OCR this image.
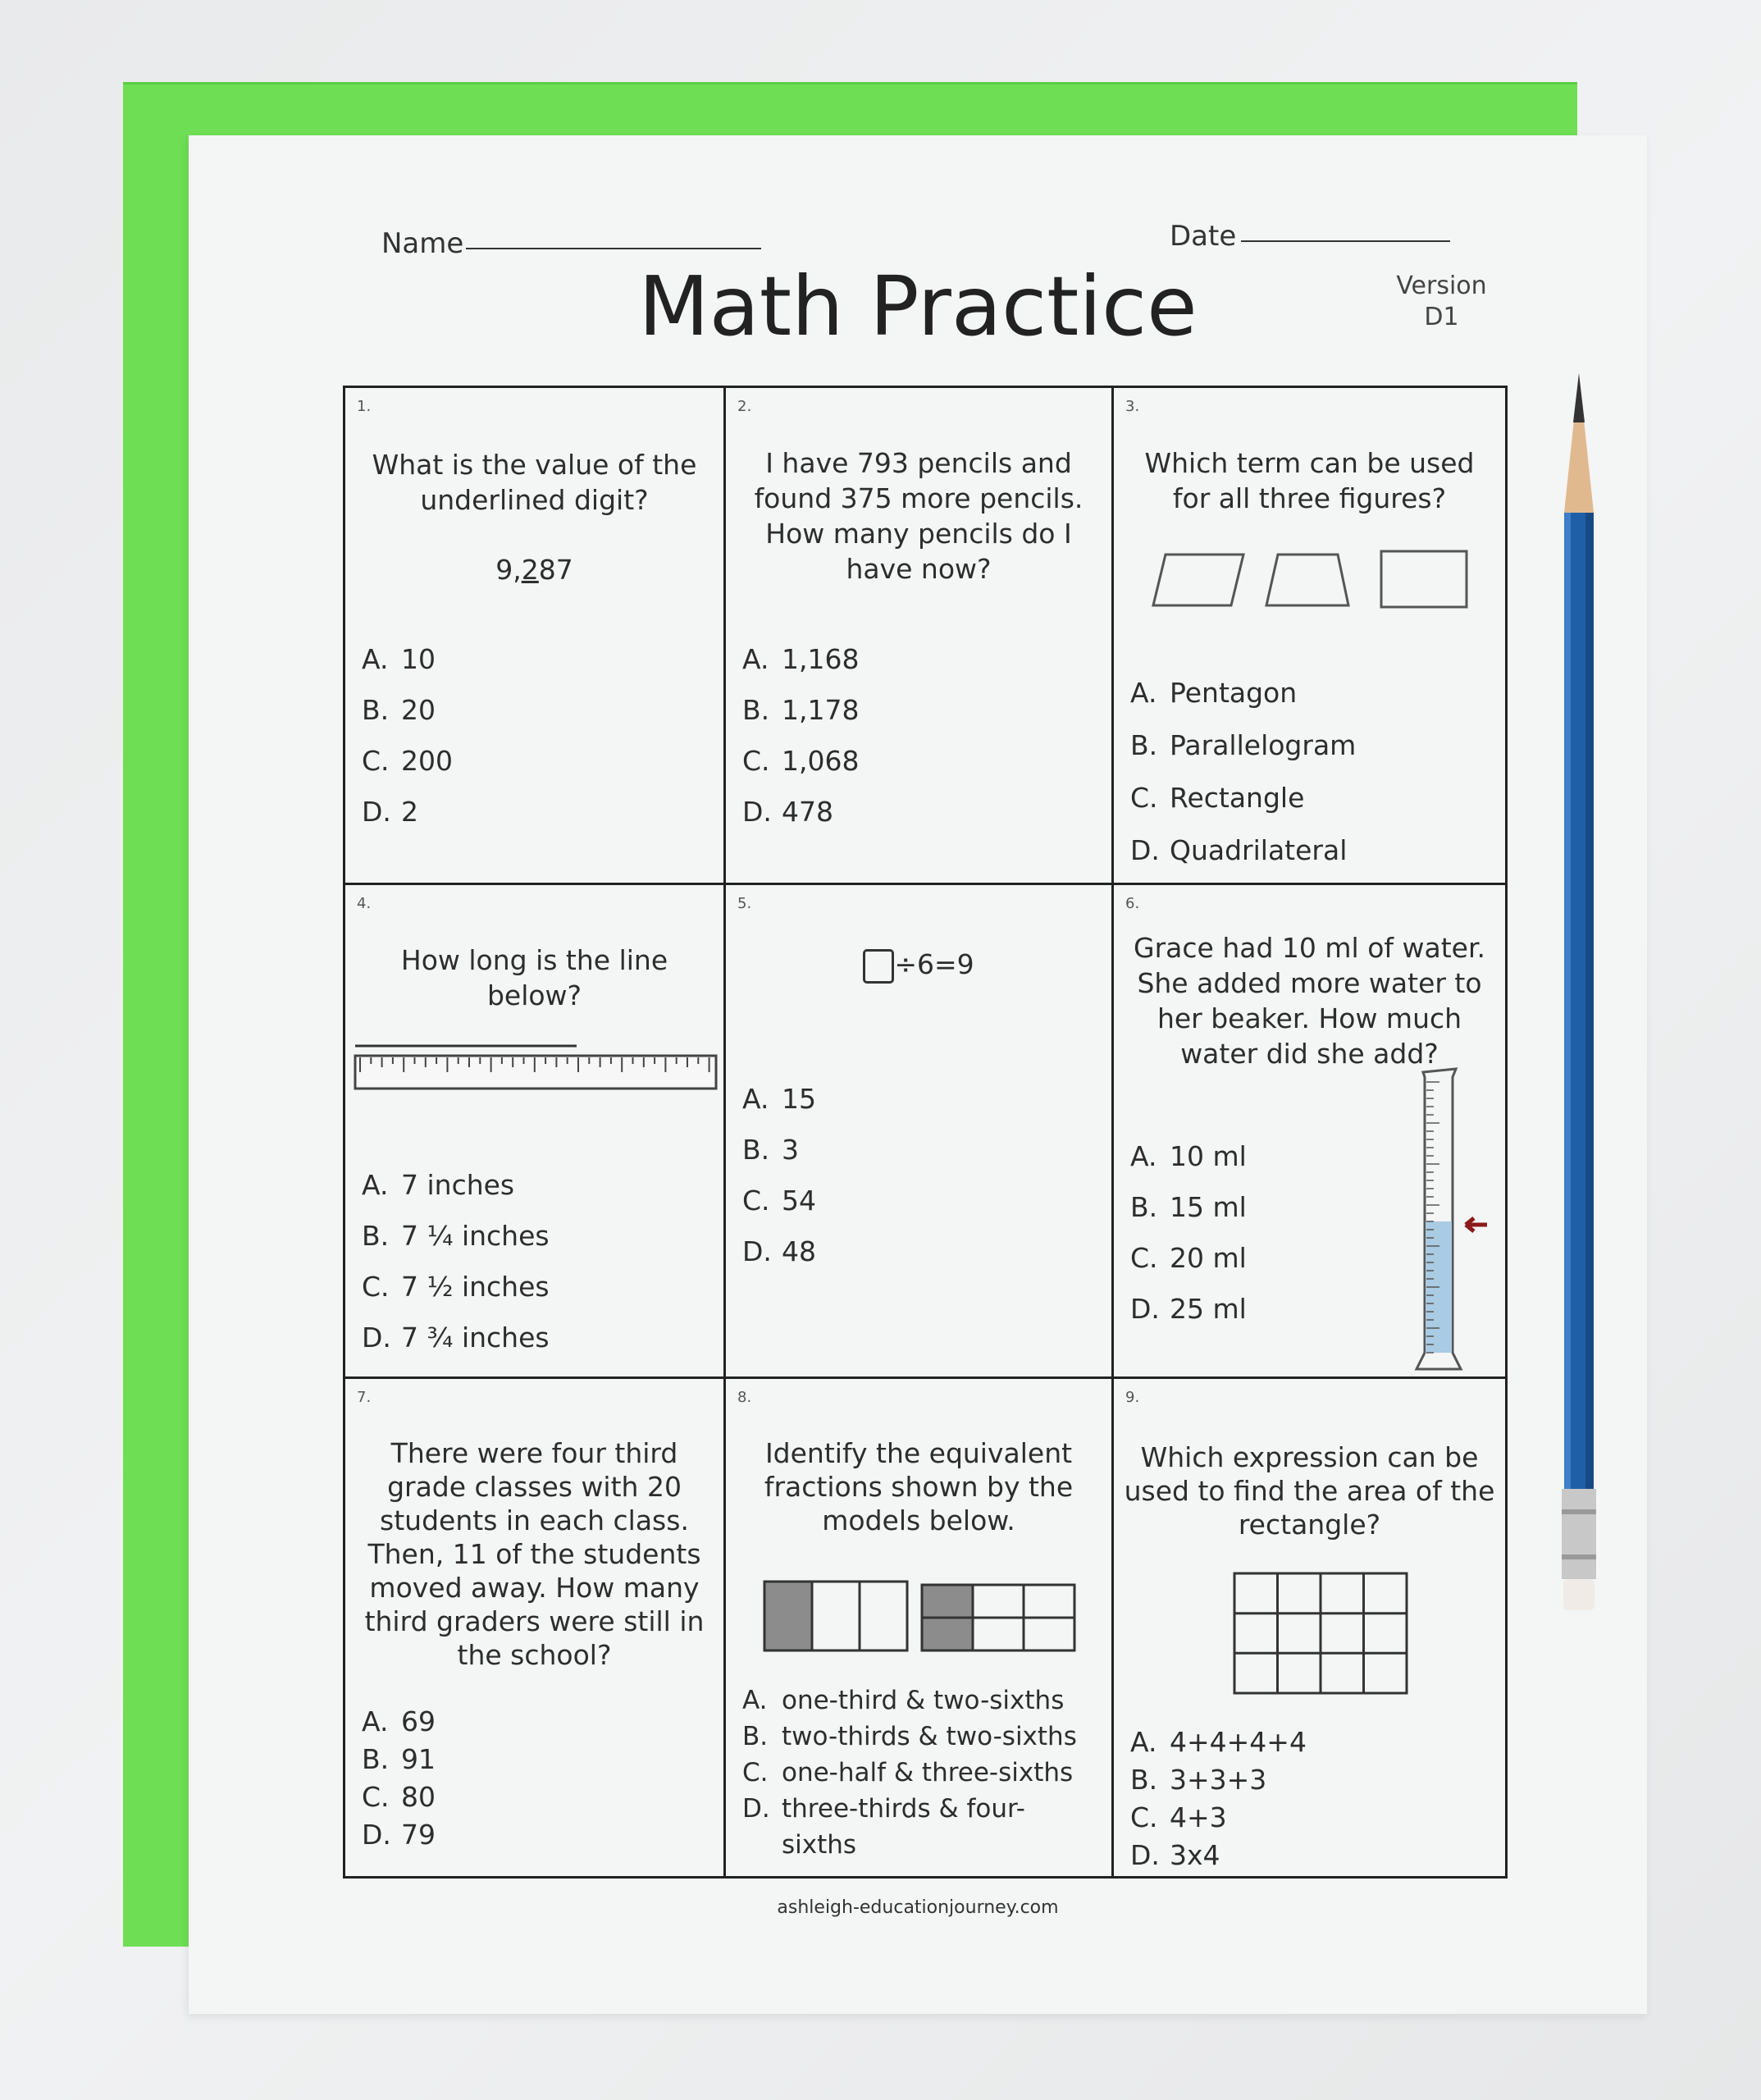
Name	Date
Math Practice	Version
D1
1.
What is the value of the underlined digit?
9,287
A. 10
B. 20
C. 200
D. 2
2.
I have 793 pencils and found 375 more pencils. How many pencils do I have now?
A. 1,168
B. 1,178
C. 1,068
D. 478
3.
Which term can be used for all three figures?
A. Pentagon
B. Parallelogram
C. Rectangle
D. Quadrilateral
4.
How long is the line below?
A. 7 inches
B. 7 ¼ inches
C. 7 ½ inches
D. 7 ¾ inches
5.
÷6=9
A. 15
B. 3
C. 54
D. 48
6.
Grace had 10 ml of water. She added more water to her beaker. How much water did she add?
A. 10 ml
B. 15 ml
C. 20 ml
D. 25 ml
7.
There were four third grade classes with 20 students in each class. Then, 11 of the students moved away. How many third graders were still in the school?
A. 69
B. 91
C. 80
D. 79
8.
Identify the equivalent fractions shown by the models below.
A. one-third & two-sixths
B. two-thirds & two-sixths
C. one-half & three-sixths
D. three-thirds & four-sixths
9.
Which expression can be used to find the area of the rectangle?
A. 4+4+4+4
B. 3+3+3
C. 4+3
D. 3x4
ashleigh-educationjourney.com
